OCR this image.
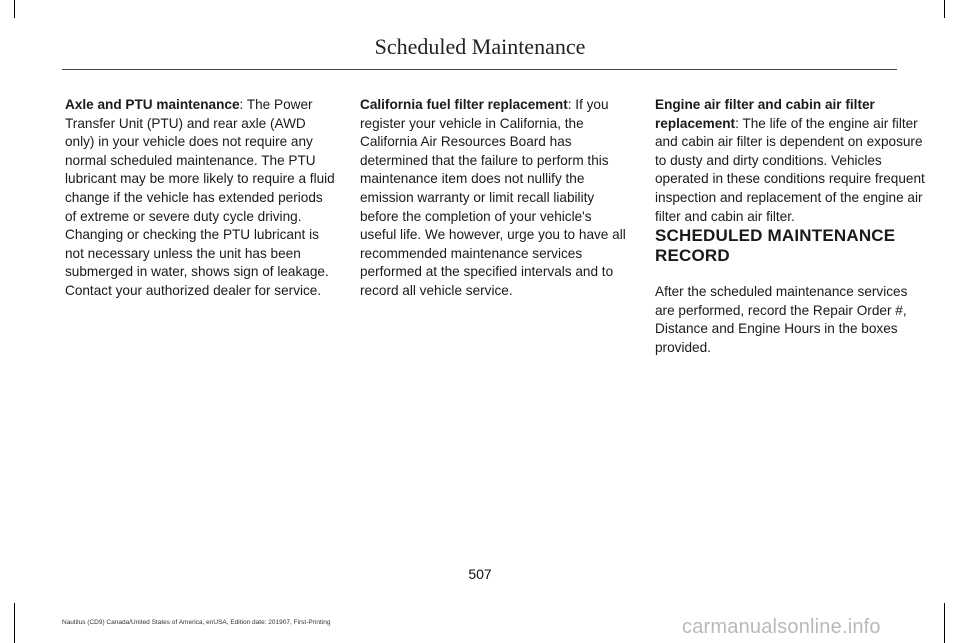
Scheduled Maintenance

Axle and PTU maintenance: The Power Transfer Unit (PTU) and rear axle (AWD only) in your vehicle does not require any normal scheduled maintenance. The PTU lubricant may be more likely to require a fluid change if the vehicle has extended periods of extreme or severe duty cycle driving. Changing or checking the PTU lubricant is not necessary unless the unit has been submerged in water, shows sign of leakage. Contact your authorized dealer for service.

California fuel filter replacement: If you register your vehicle in California, the California Air Resources Board has determined that the failure to perform this maintenance item does not nullify the emission warranty or limit recall liability before the completion of your vehicle's useful life. We however, urge you to have all recommended maintenance services performed at the specified intervals and to record all vehicle service.

Engine air filter and cabin air filter replacement: The life of the engine air filter and cabin air filter is dependent on exposure to dusty and dirty conditions. Vehicles operated in these conditions require frequent inspection and replacement of the engine air filter and cabin air filter.

SCHEDULED MAINTENANCE

RECORD

After the scheduled maintenance services are performed, record the Repair Order #, Distance and Engine Hours in the boxes provided.

507
Nautilus (CD9) Canada/United States of America, enUSA, Edition date: 201907, First-Printing	carmanualsonline.info
